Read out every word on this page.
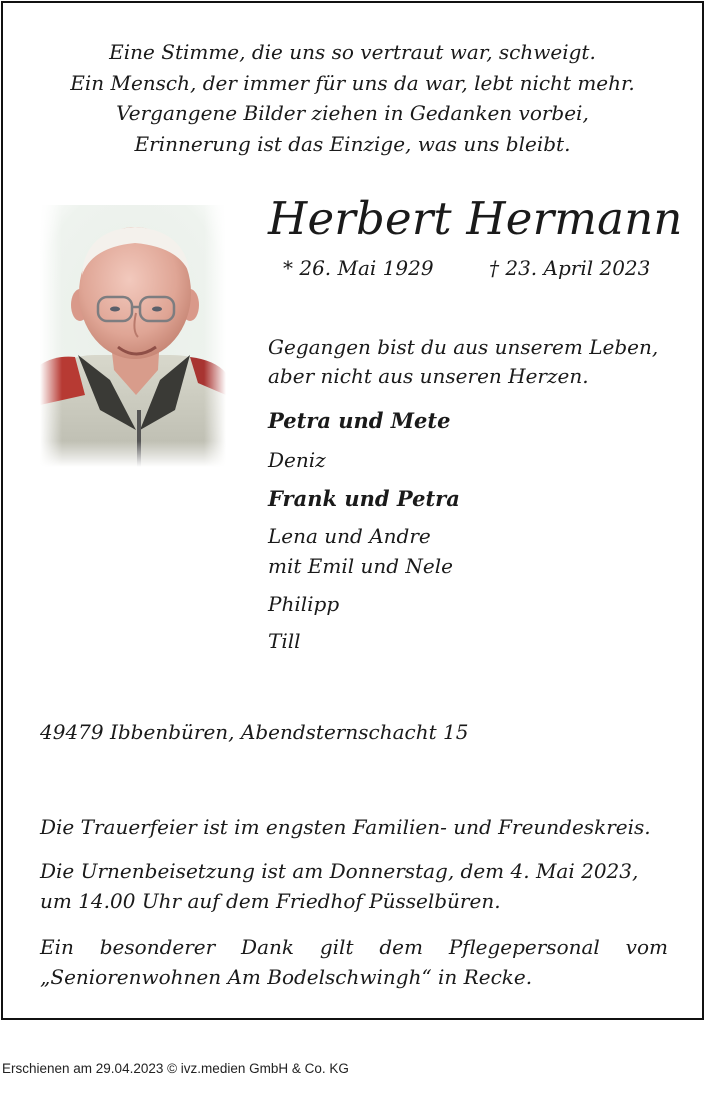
Eine Stimme, die uns so vertraut war, schweigt.
Ein Mensch, der immer für uns da war, lebt nicht mehr.
Vergangene Bilder ziehen in Gedanken vorbei,
Erinnerung ist das Einzige, was uns bleibt.
Herbert Hermann
* 26. Mai 1929	† 23. April 2023
Gegangen bist du aus unserem Leben,
aber nicht aus unseren Herzen.
Petra und Mete
Deniz
Frank und Petra
Lena und Andre
mit Emil und Nele
Philipp
Till
49479 Ibbenbüren, Abendsternschacht 15
Die Trauerfeier ist im engsten Familien- und Freundeskreis.
Die Urnenbeisetzung ist am Donnerstag, dem 4. Mai 2023,
um 14.00 Uhr auf dem Friedhof Püsselbüren.
Ein besonderer Dank gilt dem Pflegepersonal vom
„Seniorenwohnen Am Bodelschwingh“ in Recke.
Erschienen am 29.04.2023 © ivz.medien GmbH & Co. KG
